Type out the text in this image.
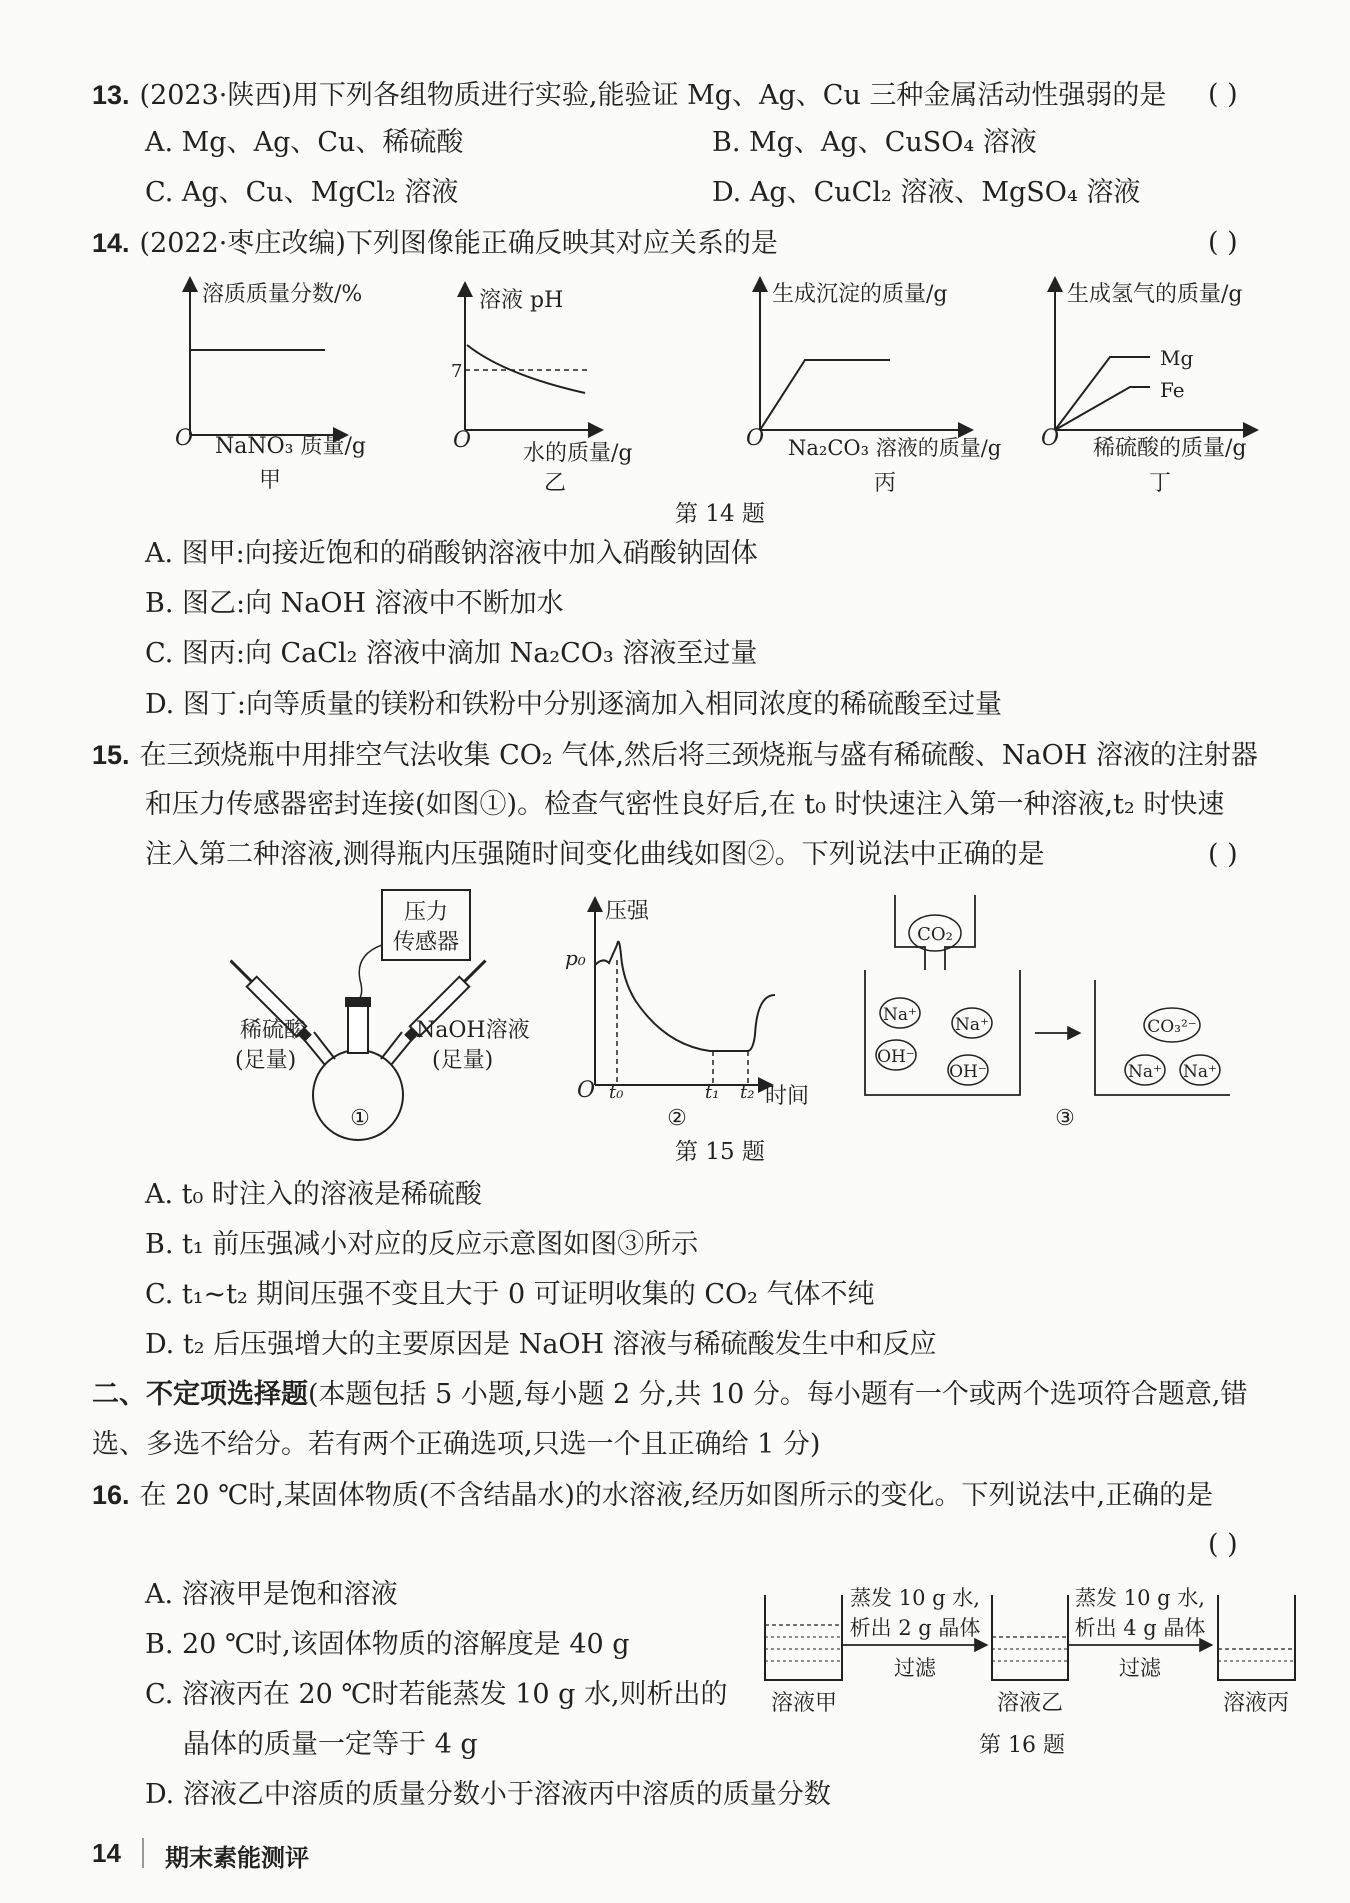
13. (2023·陕西)用下列各组物质进行实验,能验证 Mg、Ag、Cu 三种金属活动性强弱的是 ( )
A. Mg、Ag、Cu、稀硫酸	B. Mg、Ag、CuSO₄ 溶液
C. Ag、Cu、MgCl₂ 溶液	D. Ag、CuCl₂ 溶液、MgSO₄ 溶液
14. (2022·枣庄改编)下列图像能正确反映其对应关系的是	( )
溶质质量分数/%
O NaNO₃ 质量/g
甲
溶液 pH
7
O
水的质量/g
乙
生成沉淀的质量/g
O Na₂CO₃ 溶液的质量/g
丙
生成氢气的质量/g
Mg
Fe
O 稀硫酸的质量/g
丁
第 14 题
A. 图甲:向接近饱和的硝酸钠溶液中加入硝酸钠固体
B. 图乙:向 NaOH 溶液中不断加水
C. 图丙:向 CaCl₂ 溶液中滴加 Na₂CO₃ 溶液至过量
D. 图丁:向等质量的镁粉和铁粉中分别逐滴加入相同浓度的稀硫酸至过量
15. 在三颈烧瓶中用排空气法收集 CO₂ 气体,然后将三颈烧瓶与盛有稀硫酸、NaOH 溶液的注射器
和压力传感器密封连接(如图①)。检查气密性良好后,在 t₀ 时快速注入第一种溶液,t₂ 时快速
注入第二种溶液,测得瓶内压强随时间变化曲线如图②。下列说法中正确的是	( )
压力
传感器
稀硫酸
(足量)
NaOH溶液
(足量)
①
压强
p₀
O t₀	t₁ t₂ 时间
②
CO₂
Na⁺ Na⁺
OH⁻
OH⁻
CO₃²⁻
Na⁺ Na⁺
③
第 15 题
A. t₀ 时注入的溶液是稀硫酸
B. t₁ 前压强减小对应的反应示意图如图③所示
C. t₁~t₂ 期间压强不变且大于 0 可证明收集的 CO₂ 气体不纯
D. t₂ 后压强增大的主要原因是 NaOH 溶液与稀硫酸发生中和反应
二、不定项选择题(本题包括 5 小题,每小题 2 分,共 10 分。每小题有一个或两个选项符合题意,错
选、多选不给分。若有两个正确选项,只选一个且正确给 1 分)
16. 在 20 ℃时,某固体物质(不含结晶水)的水溶液,经历如图所示的变化。下列说法中,正确的是
( )
A. 溶液甲是饱和溶液
B. 20 ℃时,该固体物质的溶解度是 40 g
C. 溶液丙在 20 ℃时若能蒸发 10 g 水,则析出的
晶体的质量一定等于 4 g
D. 溶液乙中溶质的质量分数小于溶液丙中溶质的质量分数
溶液甲
蒸发 10 g 水,
析出 2 g 晶体
过滤
溶液乙
蒸发 10 g 水,
析出 4 g 晶体
过滤
溶液丙
第 16 题
14 期末素能测评
